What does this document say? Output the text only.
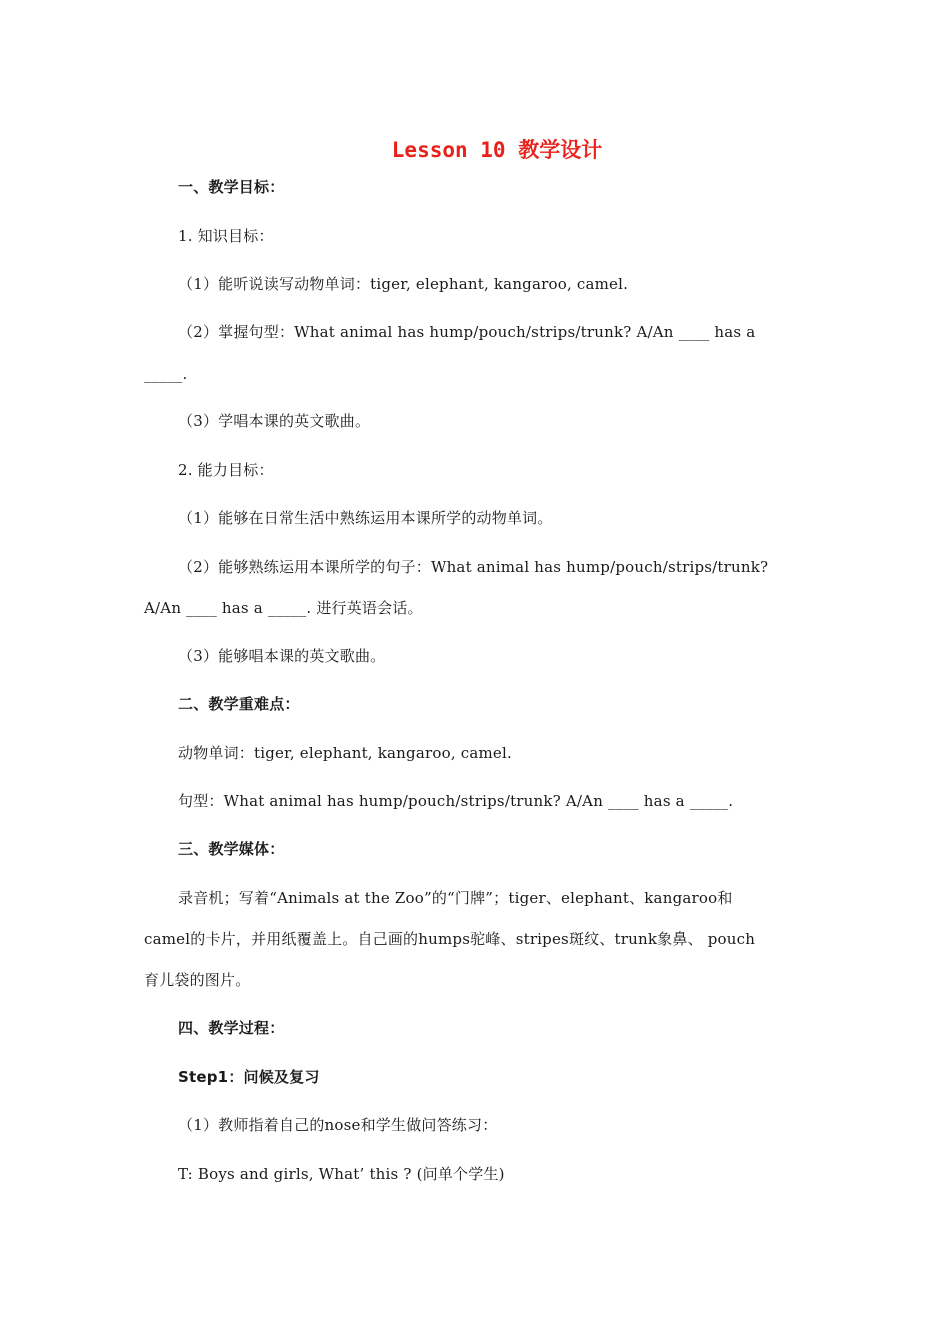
Lesson 10 教学设计
一、教学目标：
1. 知识目标：
（1）能听说读写动物单词：tiger, elephant, kangaroo, camel.
（2）掌握句型：What animal has hump/pouch/strips/trunk? A/An ____ has a
_____.
（3）学唱本课的英文歌曲。
2. 能力目标：
（1）能够在日常生活中熟练运用本课所学的动物单词。
（2）能够熟练运用本课所学的句子：What animal has hump/pouch/strips/trunk?
A/An ____ has a _____. 进行英语会话。
（3）能够唱本课的英文歌曲。
二、教学重难点：
动物单词：tiger, elephant, kangaroo, camel.
句型：What animal has hump/pouch/strips/trunk? A/An ____ has a _____.
三、教学媒体：
录音机；写着“Animals at the Zoo”的“门牌”；tiger、elephant、kangaroo和
camel的卡片，并用纸覆盖上。自己画的humps驼峰、stripes斑纹、trunk象鼻、 pouch
育儿袋的图片。
四、教学过程：
Step1：问候及复习
（1）教师指着自己的nose和学生做问答练习：
T: Boys and girls, What’ this ? (问单个学生)
